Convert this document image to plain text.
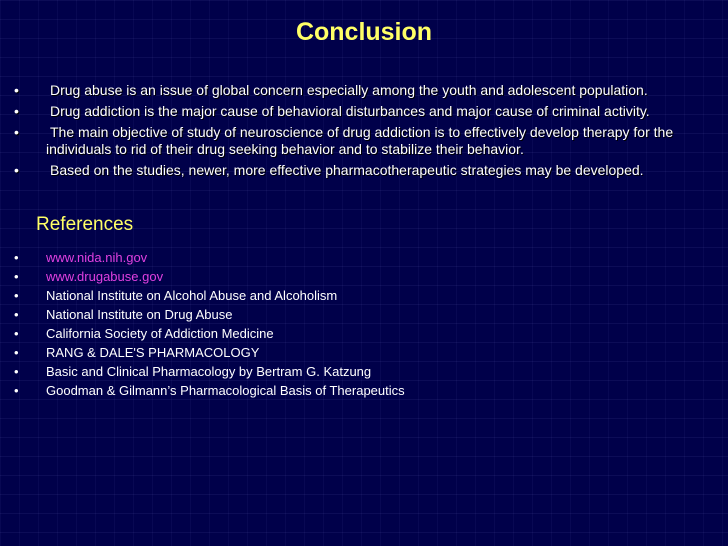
Conclusion
• Drug abuse is an issue of global concern especially among the youth and adolescent population.
• Drug addiction is the major cause of behavioral disturbances and major cause of criminal activity.
• The main objective of study of neuroscience of drug addiction is to effectively develop therapy for the individuals to rid of their drug seeking behavior and to stabilize their behavior.
• Based on the studies, newer, more effective pharmacotherapeutic strategies may be developed.
References
• www.nida.nih.gov
• www.drugabuse.gov
• National Institute on Alcohol Abuse and Alcoholism
• National Institute on Drug Abuse
• California Society of Addiction Medicine
• RANG & DALE'S PHARMACOLOGY
• Basic and Clinical Pharmacology by Bertram G. Katzung
• Goodman & Gilmann’s Pharmacological Basis of Therapeutics
